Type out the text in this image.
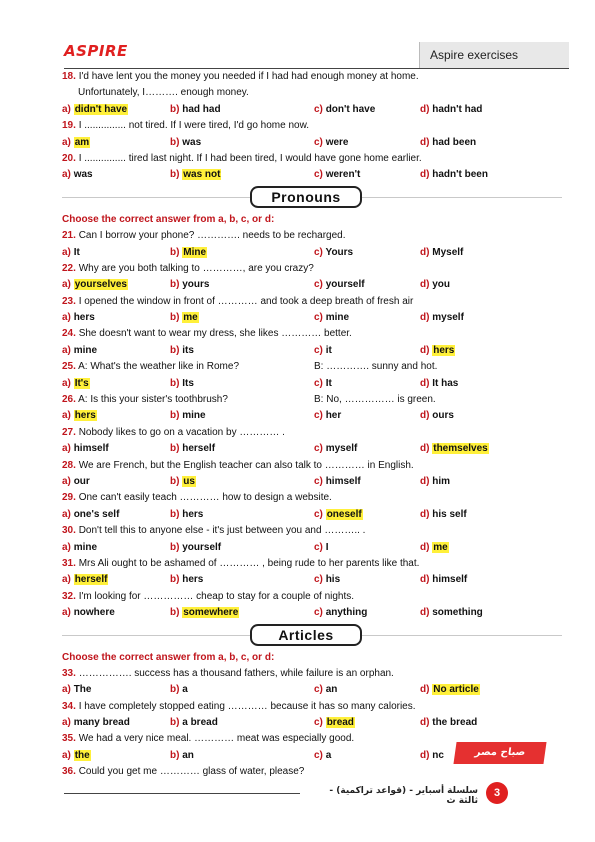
ASPIRE	Aspire exercises
18. I'd have lent you the money you needed if I had had enough money at home.
Unfortunately, I………. enough money.
a) didn't have	b) had had	c) don't have	d) hadn't had
19. I ............... not tired. If I were tired, I'd go home now.
a) am	b) was	c) were	d) had been
20. I ............... tired last night. If I had been tired, I would have gone home earlier.
a) was	b) was not	c) weren't	d) hadn't been
Pronouns
Choose the correct answer from a, b, c, or d:
21. Can I borrow your phone? …………. needs to be recharged.
a) It	b) Mine	c) Yours	d) Myself
22. Why are you both talking to …………, are you crazy?
a) yourselves	b) yours	c) yourself	d) you
23. I opened the window in front of ………… and took a deep breath of fresh air
a) hers	b) me	c) mine	d) myself
24. She doesn't want to wear my dress, she likes ………… better.
a) mine	b) its	c) it	d) hers
25. A: What's the weather like in Rome?	B: …………. sunny and hot.
a) It's	b) Its	c) It	d) It has
26. A: Is this your sister's toothbrush?	B: No, …………… is green.
a) hers	b) mine	c) her	d) ours
27. Nobody likes to go on a vacation by ………… .
a) himself	b) herself	c) myself	d) themselves
28. We are French, but the English teacher can also talk to ………… in English.
a) our	b) us	c) himself	d) him
29. One can't easily teach ………… how to design a website.
a) one's self	b) hers	c) oneself	d) his self
30. Don't tell this to anyone else - it's just between you and ……….. .
a) mine	b) yourself	c) I	d) me
31. Mrs Ali ought to be ashamed of ………… , being rude to her parents like that.
a) herself	b) hers	c) his	d) himself
32. I'm looking for …………… cheap to stay for a couple of nights.
a) nowhere	b) somewhere	c) anything	d) something
Articles
Choose the correct answer from a, b, c, or d:
33. ……………. success has a thousand fathers, while failure is an orphan.
a) The	b) a	c) an	d) No article
34. I have completely stopped eating ………… because it has so many calories.
a) many bread	b) a bread	c) bread	d) the bread
35. We had a very nice meal. ………… meat was especially good.
a) the	b) an	c) a	d) nc
36. Could you get me ………… glass of water, please?
صباح مصر
سلسلة أسباير - (قواعد تراكمية) - ثالثة ث
3
